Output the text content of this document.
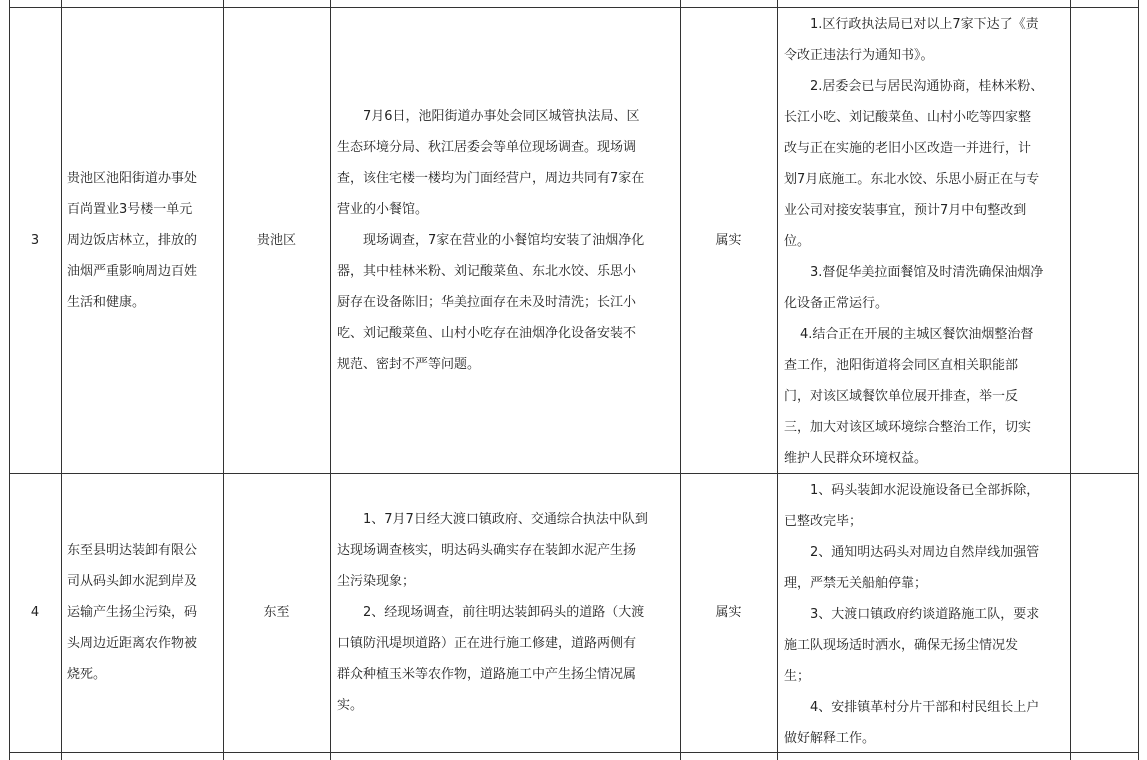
3

贵池区池阳街道办事处

百尚置业3号楼一单元

周边饭店林立，排放的

油烟严重影响周边百姓

生活和健康。

贵池区

7月6日，池阳街道办事处会同区城管执法局、区

生态环境分局、秋江居委会等单位现场调查。现场调

查，该住宅楼一楼均为门面经营户，周边共同有7家在

营业的小餐馆。

现场调查，7家在营业的小餐馆均安装了油烟净化

器，其中桂林米粉、刘记酸菜鱼、东北水饺、乐思小

厨存在设备陈旧；华美拉面存在未及时清洗；长江小

吃、刘记酸菜鱼、山村小吃存在油烟净化设备安装不

规范、密封不严等问题。

属实

1.区行政执法局已对以上7家下达了《责

令改正违法行为通知书》。

2.居委会已与居民沟通协商，桂林米粉、

长江小吃、刘记酸菜鱼、山村小吃等四家整

改与正在实施的老旧小区改造一并进行，计

划7月底施工。东北水饺、乐思小厨正在与专

业公司对接安装事宜，预计7月中旬整改到

位。

3.督促华美拉面餐馆及时清洗确保油烟净

化设备正常运行。

4.结合正在开展的主城区餐饮油烟整治督

查工作，池阳街道将会同区直相关职能部

门，对该区域餐饮单位展开排查，举一反

三，加大对该区域环境综合整治工作，切实

维护人民群众环境权益。

4

东至县明达装卸有限公

司从码头卸水泥到岸及

运输产生扬尘污染，码

头周边近距离农作物被

烧死。

东至

1、7月7日经大渡口镇政府、交通综合执法中队到

达现场调查核实，明达码头确实存在装卸水泥产生扬

尘污染现象；

2、经现场调查，前往明达装卸码头的道路（大渡

口镇防汛堤坝道路）正在进行施工修建，道路两侧有

群众种植玉米等农作物，道路施工中产生扬尘情况属

实。

属实

1、码头装卸水泥设施设备已全部拆除，

已整改完毕；

2、通知明达码头对周边自然岸线加强管

理，严禁无关船舶停靠；

3、大渡口镇政府约谈道路施工队，要求

施工队现场适时洒水，确保无扬尘情况发

生；

4、安排镇革村分片干部和村民组长上户

做好解释工作。
